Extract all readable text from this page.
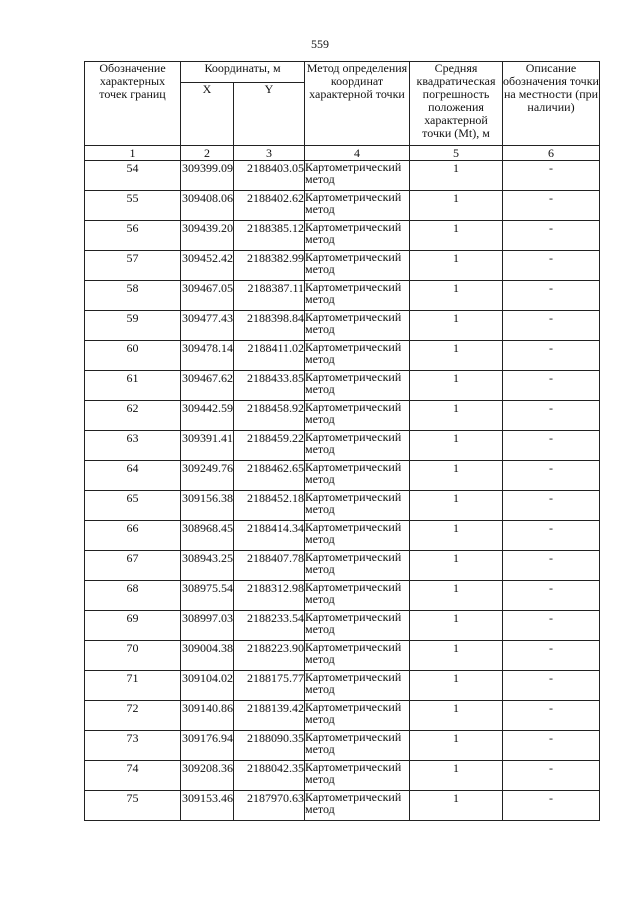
559
Обозначение характерных точек границ	Координаты, м		Метод определения координат характерной точки	Средняя квадратическая погрешность положения характерной точки (Mt), м	Описание обозначения точки на местности (при наличии)
	X	Y			
1	2	3	4	5	6
54	309399.09	2188403.05	Картометрический метод	1	-
55	309408.06	2188402.62	Картометрический метод	1	-
56	309439.20	2188385.12	Картометрический метод	1	-
57	309452.42	2188382.99	Картометрический метод	1	-
58	309467.05	2188387.11	Картометрический метод	1	-
59	309477.43	2188398.84	Картометрический метод	1	-
60	309478.14	2188411.02	Картометрический метод	1	-
61	309467.62	2188433.85	Картометрический метод	1	-
62	309442.59	2188458.92	Картометрический метод	1	-
63	309391.41	2188459.22	Картометрический метод	1	-
64	309249.76	2188462.65	Картометрический метод	1	-
65	309156.38	2188452.18	Картометрический метод	1	-
66	308968.45	2188414.34	Картометрический метод	1	-
67	308943.25	2188407.78	Картометрический метод	1	-
68	308975.54	2188312.98	Картометрический метод	1	-
69	308997.03	2188233.54	Картометрический метод	1	-
70	309004.38	2188223.90	Картометрический метод	1	-
71	309104.02	2188175.77	Картометрический метод	1	-
72	309140.86	2188139.42	Картометрический метод	1	-
73	309176.94	2188090.35	Картометрический метод	1	-
74	309208.36	2188042.35	Картометрический метод	1	-
75	309153.46	2187970.63	Картометрический метод	1	-
